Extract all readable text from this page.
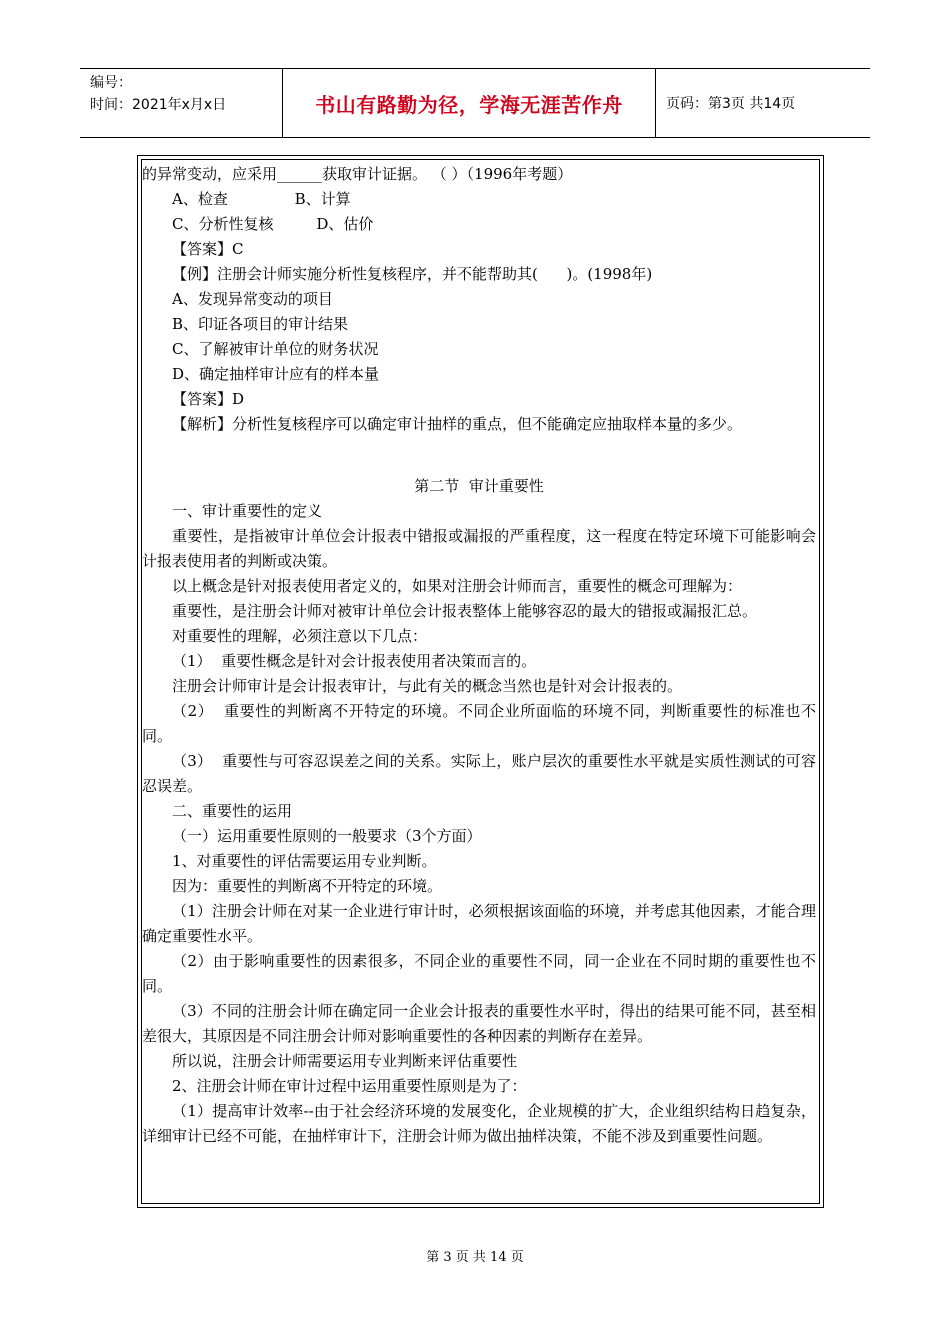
编号：
时间：2021年x月x日	书山有路勤为径，学海无涯苦作舟	页码：第3页 共14页

的异常变动，应采用______获取审计证据。 （ ）（1996年考题）

A、检查              B、计算

C、分析性复核         D、估价

【答案】C

【例】注册会计师实施分析性复核程序，并不能帮助其(      )。(1998年)

A、发现异常变动的项目

B、印证各项目的审计结果

C、了解被审计单位的财务状况

D、确定抽样审计应有的样本量

【答案】D

【解析】分析性复核程序可以确定审计抽样的重点，但不能确定应抽取样本量的多少。

第二节  审计重要性

一、审计重要性的定义

重要性，是指被审计单位会计报表中错报或漏报的严重程度，这一程度在特定环境下可能影响会计报表使用者的判断或决策。

以上概念是针对报表使用者定义的，如果对注册会计师而言，重要性的概念可理解为：

重要性，是注册会计师对被审计单位会计报表整体上能够容忍的最大的错报或漏报汇总。

对重要性的理解，必须注意以下几点：

（1）  重要性概念是针对会计报表使用者决策而言的。

注册会计师审计是会计报表审计，与此有关的概念当然也是针对会计报表的。

（2）  重要性的判断离不开特定的环境。不同企业所面临的环境不同，判断重要性的标准也不同。

（3）  重要性与可容忍误差之间的关系。实际上，账户层次的重要性水平就是实质性测试的可容忍误差。

二、重要性的运用

（一）运用重要性原则的一般要求（3个方面）

1、对重要性的评估需要运用专业判断。

因为：重要性的判断离不开特定的环境。

（1）注册会计师在对某一企业进行审计时，必须根据该面临的环境，并考虑其他因素，才能合理确定重要性水平。

（2）由于影响重要性的因素很多，不同企业的重要性不同，同一企业在不同时期的重要性也不同。

（3）不同的注册会计师在确定同一企业会计报表的重要性水平时，得出的结果可能不同，甚至相差很大，其原因是不同注册会计师对影响重要性的各种因素的判断存在差异。

所以说，注册会计师需要运用专业判断来评估重要性

2、注册会计师在审计过程中运用重要性原则是为了：

（1）提高审计效率--由于社会经济环境的发展变化，企业规模的扩大，企业组织结构日趋复杂，详细审计已经不可能，在抽样审计下，注册会计师为做出抽样决策，不能不涉及到重要性问题。

第 3 页 共 14 页
